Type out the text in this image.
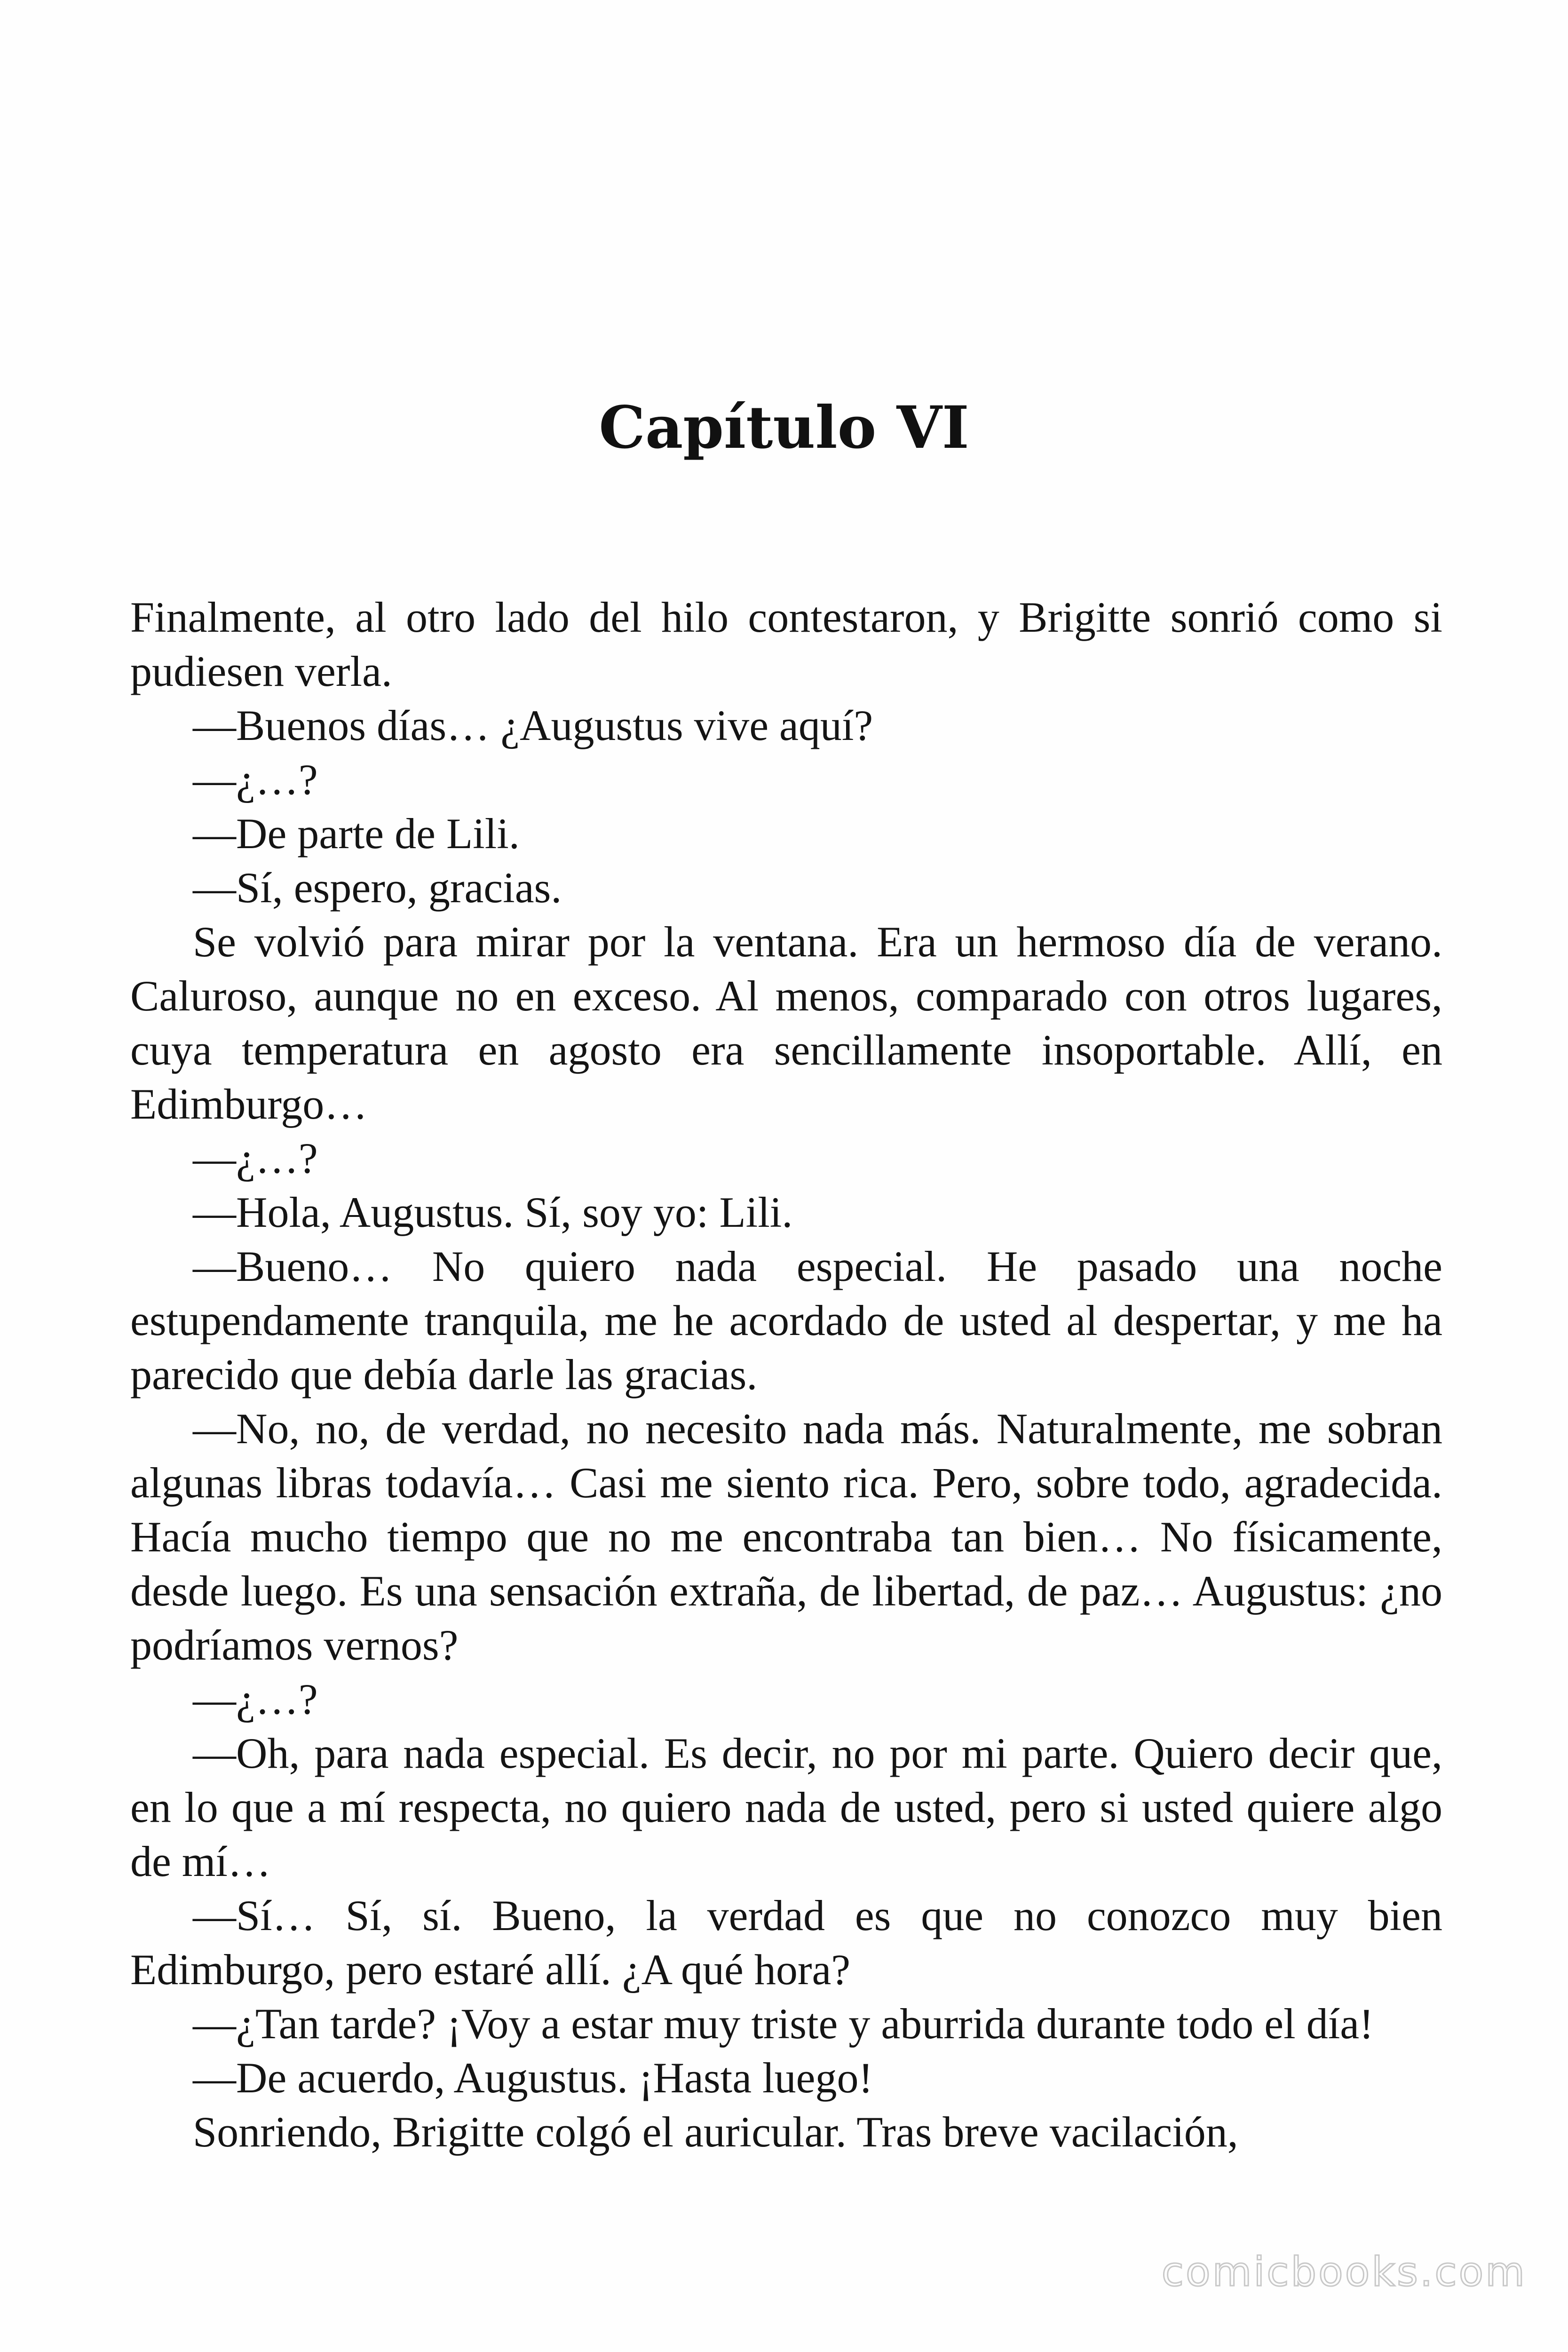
Capítulo VI

Finalmente, al otro lado del hilo contestaron, y Brigitte sonrió como si pudiesen verla.

—Buenos días… ¿Augustus vive aquí?

—¿…?

—De parte de Lili.

—Sí, espero, gracias.

Se volvió para mirar por la ventana. Era un hermoso día de verano. Caluroso, aunque no en exceso. Al menos, comparado con otros lugares, cuya temperatura en agosto era sencillamente insoportable. Allí, en Edimburgo…

—¿…?

—Hola, Augustus. Sí, soy yo: Lili.

—Bueno… No quiero nada especial. He pasado una noche estupendamente tranquila, me he acordado de usted al despertar, y me ha parecido que debía darle las gracias.

—No, no, de verdad, no necesito nada más. Naturalmente, me sobran algunas libras todavía… Casi me siento rica. Pero, sobre todo, agradecida. Hacía mucho tiempo que no me encontraba tan bien… No físicamente, desde luego. Es una sensación extraña, de libertad, de paz… Augustus: ¿no podríamos vernos?

—¿…?

—Oh, para nada especial. Es decir, no por mi parte. Quiero decir que, en lo que a mí respecta, no quiero nada de usted, pero si usted quiere algo de mí…

—Sí… Sí, sí. Bueno, la verdad es que no conozco muy bien Edimburgo, pero estaré allí. ¿A qué hora?

—¿Tan tarde? ¡Voy a estar muy triste y aburrida durante todo el día!

—De acuerdo, Augustus. ¡Hasta luego!

Sonriendo, Brigitte colgó el auricular. Tras breve vacilación,

comicbooks.com
